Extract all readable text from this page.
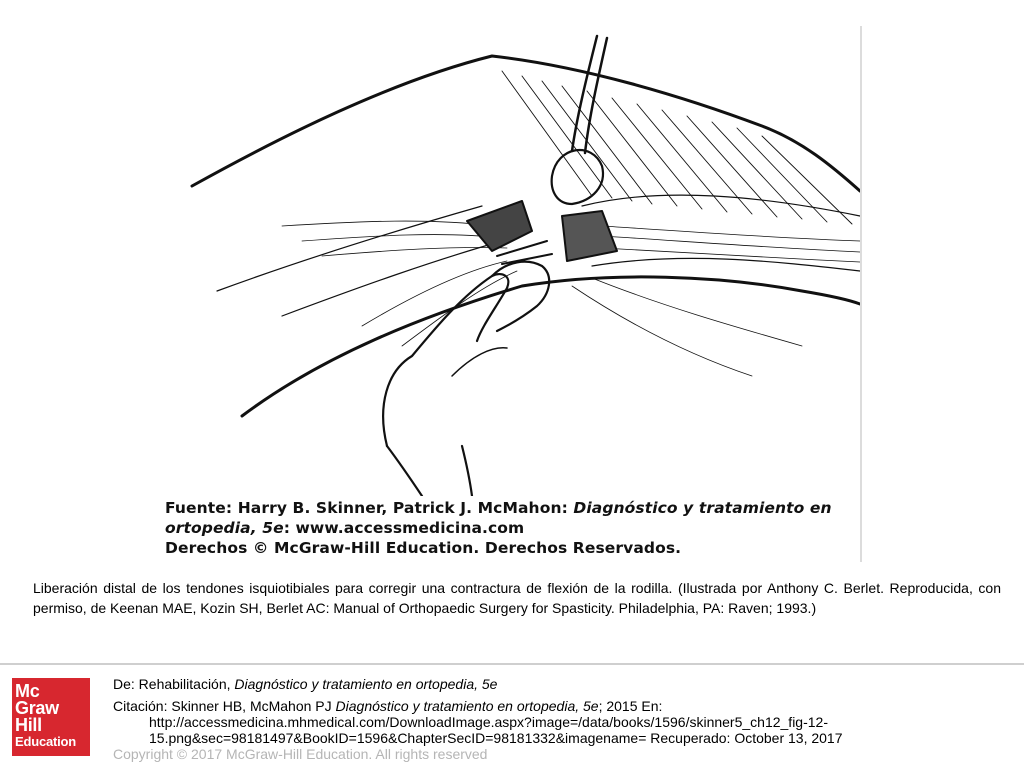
Fuente: Harry B. Skinner, Patrick J. McMahon: Diagnóstico y tratamiento en
ortopedia, 5e: www.accessmedicina.com
Derechos © McGraw-Hill Education. Derechos Reservados.
Liberación distal de los tendones isquiotibiales para corregir una contractura de flexión de la rodilla. (Ilustrada por Anthony C. Berlet. Reproducida, con permiso, de Keenan MAE, Kozin SH, Berlet AC: Manual of Orthopaedic Surgery for Spasticity. Philadelphia, PA: Raven; 1993.)
Mc
Graw
Hill
Education
De: Rehabilitación, Diagnóstico y tratamiento en ortopedia, 5e
Citación: Skinner HB, McMahon PJ Diagnóstico y tratamiento en ortopedia, 5e; 2015 En:
http://accessmedicina.mhmedical.com/DownloadImage.aspx?image=/data/books/1596/skinner5_ch12_fig-12-
15.png&sec=98181497&BookID=1596&ChapterSecID=98181332&imagename= Recuperado: October 13, 2017
Copyright © 2017 McGraw-Hill Education. All rights reserved
